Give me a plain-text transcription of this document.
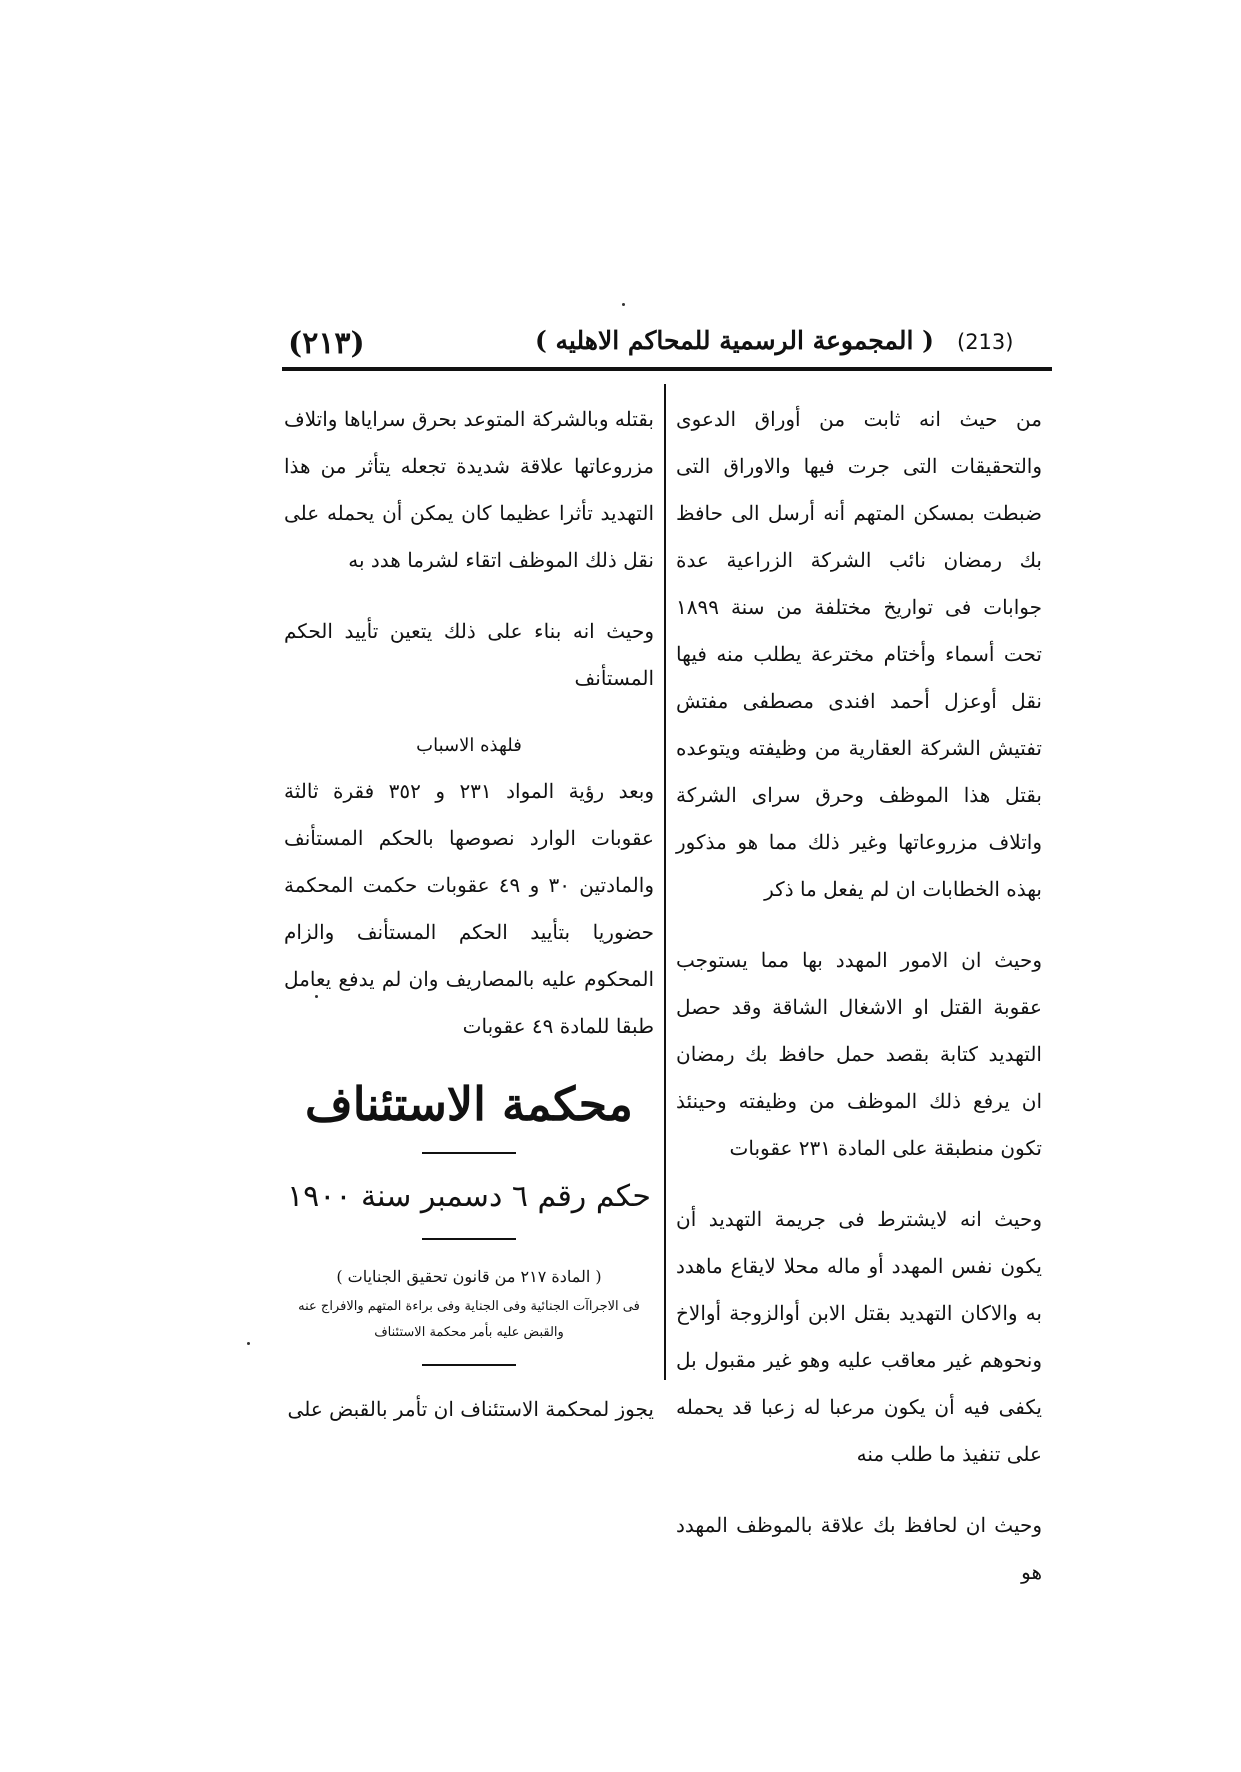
(٢١٣)	( المجموعة الرسمية للمحاكم الاهليه ) (213)

من حيث انه ثابت من أوراق الدعوى والتحقيقات التى جرت فيها والاوراق التى ضبطت بمسكن المتهم أنه أرسل الى حافظ بك رمضان نائب الشركة الزراعية عدة جوابات فى تواريخ مختلفة من سنة ١٨٩٩ تحت أسماء وأختام مخترعة يطلب منه فيها نقل أوعزل أحمد افندى مصطفى مفتش تفتيش الشركة العقارية من وظيفته ويتوعده بقتل هذا الموظف وحرق سراى الشركة واتلاف مزروعاتها وغير ذلك مما هو مذكور بهذه الخطابات ان لم يفعل ما ذكر

وحيث ان الامور المهدد بها مما يستوجب عقوبة القتل او الاشغال الشاقة وقد حصل التهديد كتابة بقصد حمل حافظ بك رمضان ان يرفع ذلك الموظف من وظيفته وحينئذ تكون منطبقة على المادة ٢٣١ عقوبات

وحيث انه لايشترط فى جريمة التهديد أن يكون نفس المهدد أو ماله محلا لايقاع ماهدد به والاكان التهديد بقتل الابن أوالزوجة أوالاخ ونحوهم غير معاقب عليه وهو غير مقبول بل يكفى فيه أن يكون مرعبا له زعبا قد يحمله على تنفيذ ما طلب منه

وحيث ان لحافظ بك علاقة بالموظف المهدد هو

بقتله وبالشركة المتوعد بحرق سرایاها واتلاف مزروعاتها علاقة شديدة تجعله يتأثر من هذا التهديد تأثرا عظيما كان يمكن أن يحمله على نقل ذلك الموظف اتقاء لشرما هدد به

وحيث انه بناء على ذلك يتعين تأييد الحكم المستأنف

فلهذه الاسباب

وبعد رؤية المواد ٢٣١ و ٣٥٢ فقرة ثالثة عقوبات الوارد نصوصها بالحكم المستأنف والمادتين ٣٠ و ٤٩ عقوبات حكمت المحكمة حضوريا بتأييد الحكم المستأنف والزام المحكوم عليه بالمصاريف وان لم يدفع يعامل طبقا للمادة ٤٩ عقوبات

محكمة الاستئناف
حكم رقم ٦ دسمبر سنة ١٩٠٠
( المادة ٢١٧ من قانون تحقيق الجنايات )
فى الاجراآت الجنائية وفى الجناية وفى براءة المتهم والافراج عنه والقبض عليه بأمر محكمة الاستئناف
يجوز لمحكمة الاستئناف ان تأمر بالقبض على
